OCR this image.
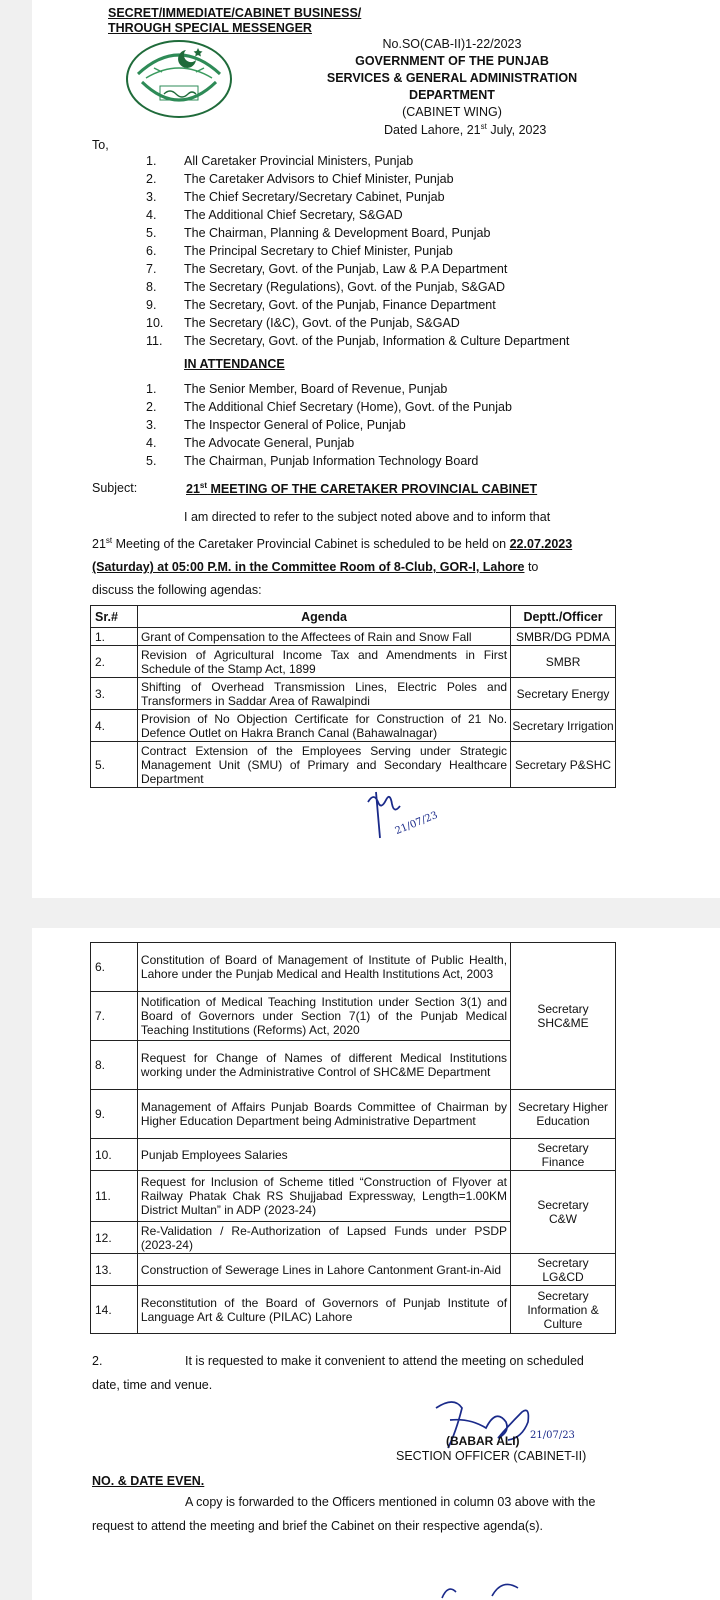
SECRET/IMMEDIATE/CABINET BUSINESS/
THROUGH SPECIAL MESSENGER
No.SO(CAB-II)1-22/2023
GOVERNMENT OF THE PUNJAB
SERVICES & GENERAL ADMINISTRATION
DEPARTMENT
(CABINET WING)
Dated Lahore, 21st July, 2023
To,
1.	All Caretaker Provincial Ministers, Punjab
2.	The Caretaker Advisors to Chief Minister, Punjab
3.	The Chief Secretary/Secretary Cabinet, Punjab
4.	The Additional Chief Secretary, S&GAD
5.	The Chairman, Planning & Development Board, Punjab
6.	The Principal Secretary to Chief Minister, Punjab
7.	The Secretary, Govt. of the Punjab, Law & P.A Department
8.	The Secretary (Regulations), Govt. of the Punjab, S&GAD
9.	The Secretary, Govt. of the Punjab, Finance Department
10.	The Secretary (I&C), Govt. of the Punjab, S&GAD
11.	The Secretary, Govt. of the Punjab, Information & Culture Department
IN ATTENDANCE
1.	The Senior Member, Board of Revenue, Punjab
2.	The Additional Chief Secretary (Home), Govt. of the Punjab
3.	The Inspector General of Police, Punjab
4.	The Advocate General, Punjab
5.	The Chairman, Punjab Information Technology Board
Subject:	21st MEETING OF THE CARETAKER PROVINCIAL CABINET
I am directed to refer to the subject noted above and to inform that
21st Meeting of the Caretaker Provincial Cabinet is scheduled to be held on 22.07.2023
(Saturday) at 05:00 P.M. in the Committee Room of 8-Club, GOR-I, Lahore to
discuss the following agendas:
Sr.#	Agenda	Deptt./Officer
1.	Grant of Compensation to the Affectees of Rain and Snow Fall	SMBR/DG PDMA
2.	Revision of Agricultural Income Tax and Amendments in First Schedule of the Stamp Act, 1899	SMBR
3.	Shifting of Overhead Transmission Lines, Electric Poles and Transformers in Saddar Area of Rawalpindi	Secretary Energy
4.	Provision of No Objection Certificate for Construction of 21 No. Defence Outlet on Hakra Branch Canal (Bahawalnagar)	Secretary Irrigation
5.	Contract Extension of the Employees Serving under Strategic Management Unit (SMU) of Primary and Secondary Healthcare Department	Secretary P&SHC
21/07/23
6.	Constitution of Board of Management of Institute of Public Health, Lahore under the Punjab Medical and Health Institutions Act, 2003	Secretary SHC&ME
7.	Notification of Medical Teaching Institution under Section 3(1) and Board of Governors under Section 7(1) of the Punjab Medical Teaching Institutions (Reforms) Act, 2020	
8.	Request for Change of Names of different Medical Institutions working under the Administrative Control of SHC&ME Department	
9.	Management of Affairs Punjab Boards Committee of Chairman by Higher Education Department being Administrative Department	Secretary Higher Education
10.	Punjab Employees Salaries	Secretary Finance
11.	Request for Inclusion of Scheme titled “Construction of Flyover at Railway Phatak Chak RS Shujjabad Expressway, Length=1.00KM District Multan” in ADP (2023-24)	Secretary C&W
12.	Re-Validation / Re-Authorization of Lapsed Funds under PSDP (2023-24)	
13.	Construction of Sewerage Lines in Lahore Cantonment Grant-in-Aid	Secretary LG&CD
14.	Reconstitution of the Board of Governors of Punjab Institute of Language Art & Culture (PILAC) Lahore	Secretary Information & Culture
2.	It is requested to make it convenient to attend the meeting on scheduled
date, time and venue.
(BABAR ALI) 21/07/23
SECTION OFFICER (CABINET-II)
NO. & DATE EVEN.
A copy is forwarded to the Officers mentioned in column 03 above with the
request to attend the meeting and brief the Cabinet on their respective agenda(s).
